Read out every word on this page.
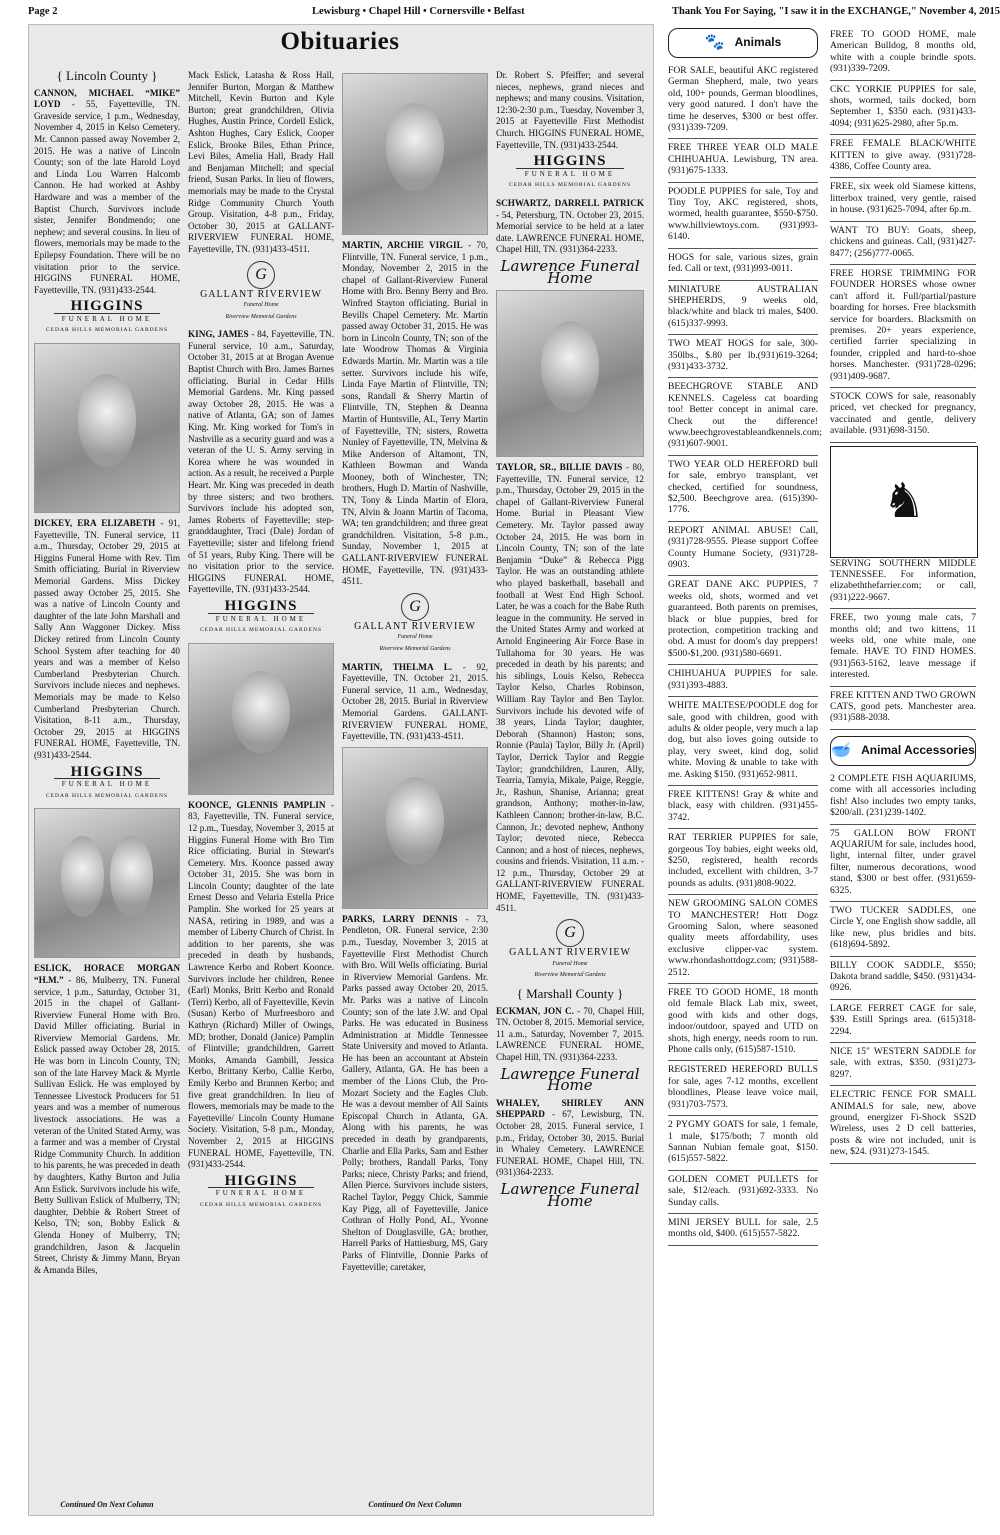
Page 2	Lewisburg • Chapel Hill • Cornersville • Belfast	Thank You For Saying, "I saw it in the EXCHANGE," November 4, 2015
Obituaries
{ Lincoln County }

CANNON, MICHAEL “MIKE” LOYD - 55, Fayetteville, TN. Graveside service, 1 p.m., Wednesday, November 4, 2015 in Kelso Cemetery. Mr. Cannon passed away November 2, 2015. He was a native of Lincoln County; son of the late Harold Loyd and Linda Lou Warren Halcomb Cannon. He had worked at Ashby Hardware and was a member of the Baptist Church. Survivors include sister, Jennifer Bondmendo; one nephew; and several cousins. In lieu of flowers, memorials may be made to the Epilepsy Foundation. There will be no visitation prior to the service. HIGGINS FUNERAL HOME, Fayetteville, TN. (931)433-2544.

HIGGINS
FUNERAL HOME
CEDAR HILLS MEMORIAL GARDENS

DICKEY, ERA ELIZABETH - 91, Fayetteville, TN. Funeral service, 11 a.m., Thursday, October 29, 2015 at Higgins Funeral Home with Rev. Tim Smith officiating. Burial in Riverview Memorial Gardens. Miss Dickey passed away October 25, 2015. She was a native of Lincoln County and daughter of the late John Marshall and Sally Ann Waggoner Dickey. Miss Dickey retired from Lincoln County School System after teaching for 40 years and was a member of Kelso Cumberland Presbyterian Church. Survivors include nieces and nephews. Memorials may be made to Kelso Cumberland Presbyterian Church. Visitation, 8-11 a.m., Thursday, October 29, 2015 at HIGGINS FUNERAL HOME, Fayetteville, TN. (931)433-2544.

HIGGINS
FUNERAL HOME
CEDAR HILLS MEMORIAL GARDENS

ESLICK, HORACE MORGAN “H.M.” - 86, Mulberry, TN. Funeral service, 1 p.m., Saturday, October 31, 2015 in the chapel of Gallant-Riverview Funeral Home with Bro. David Miller officiating. Burial in Riverview Memorial Gardens. Mr. Eslick passed away October 28, 2015. He was born in Lincoln County, TN; son of the late Harvey Mack & Myrtle Sullivan Eslick. He was employed by Tennessee Livestock Producers for 51 years and was a member of numerous livestock associations. He was a veteran of the United Stated Army, was a farmer and was a member of Crystal Ridge Community Church. In addition to his parents, he was preceded in death by daughters, Kathy Burton and Julia Ann Eslick. Survivors include his wife, Betty Sullivan Eslick of Mulberry, TN; daughter, Debbie & Robert Street of Kelso, TN; son, Bobby Eslick & Glenda Honey of Mulberry, TN; grandchildren, Jason & Jacquelin Street, Christy & Jimmy Mann, Bryan & Amanda Biles,

Continued On Next Column

Mack Eslick, Latasha & Ross Hall, Jennifer Burton, Morgan & Matthew Mitchell, Kevin Burton and Kyle Burton; great grandchildren, Olivia Hughes, Austin Prince, Cordell Eslick, Ashton Hughes, Cary Eslick, Cooper Eslick, Brooke Biles, Ethan Prince, Levi Biles, Amelia Hall, Brady Hall and Benjaman Mitchell; and special friend, Susan Parks. In lieu of flowers, memorials may be made to the Crystal Ridge Community Church Youth Group. Visitation, 4-8 p.m., Friday, October 30, 2015 at GALLANT-RIVERVIEW FUNERAL HOME, Fayetteville, TN. (931)433-4511.

G
GALLANT RIVERVIEW
Funeral Home
Riverview Memorial Gardens

KING, JAMES - 84, Fayetteville, TN. Funeral service, 10 a.m., Saturday, October 31, 2015 at at Brogan Avenue Baptist Church with Bro. James Barnes officiating. Burial in Cedar Hills Memorial Gardens. Mr. King passed away October 28, 2015. He was a native of Atlanta, GA; son of James King. Mr. King worked for Tom's in Nashville as a security guard and was a veteran of the U. S. Army serving in Korea where he was wounded in action. As a result, he received a Purple Heart. Mr. King was preceded in death by three sisters; and two brothers. Survivors include his adopted son, James Roberts of Fayetteville; step-granddaughter, Traci (Dale) Jordan of Fayetteville; sister and lifelong friend of 51 years, Ruby King. There will be no visitation prior to the service. HIGGINS FUNERAL HOME, Fayetteville, TN. (931)433-2544.

HIGGINS
FUNERAL HOME
CEDAR HILLS MEMORIAL GARDENS

KOONCE, GLENNIS PAMPLIN - 83, Fayetteville, TN. Funeral service, 12 p.m., Tuesday, November 3, 2015 at Higgins Funeral Home with Bro Tim Rice officiating. Burial in Stewart's Cemetery. Mrs. Koonce passed away October 31, 2015. She was born in Lincoln County; daughter of the late Ernest Desso and Velaria Estella Price Pamplin. She worked for 25 years at NASA, retiring in 1989, and was a member of Liberty Church of Christ. In addition to her parents, she was preceded in death by husbands, Lawrence Kerbo and Robert Koonce. Survivors include her children, Renee (Earl) Monks, Britt Kerbo and Ronald (Terri) Kerbo, all of Fayetteville, Kevin (Susan) Kerbo of Murfreesboro and Kathryn (Richard) Miller of Owings, MD; brother, Donald (Janice) Pamplin of Flintville; grandchildren, Garrett Monks, Amanda Gambill, Jessica Kerbo, Brittany Kerbo, Callie Kerbo, Emily Kerbo and Brannen Kerbo; and five great grandchildren. In lieu of flowers, memorials may be made to the Fayetteville/ Lincoln County Humane Society. Visitation, 5-8 p.m., Monday, November 2, 2015 at HIGGINS FUNERAL HOME, Fayetteville, TN. (931)433-2544.

HIGGINS
FUNERAL HOME
CEDAR HILLS MEMORIAL GARDENS

MARTIN, ARCHIE VIRGIL - 70, Flintville, TN. Funeral service, 1 p.m., Monday, November 2, 2015 in the chapel of Gallant-Riverview Funeral Home with Bro. Benny Berry and Bro. Winfred Stayton officiating. Burial in Bevills Chapel Cemetery. Mr. Martin passed away October 31, 2015. He was born in Lincoln County, TN; son of the late Woodrow Thomas & Virginia Edwards Martin. Mr. Martin was a tile setter. Survivors include his wife, Linda Faye Martin of Flintville, TN; sons, Randall & Sherry Martin of Flintville, TN, Stephen & Deanna Martin of Huntsville, AL, Terry Martin of Fayetteville, TN; sisters, Rowetta Nunley of Fayetteville, TN, Melvina & Mike Anderson of Altamont, TN, Kathleen Bowman and Wanda Mooney, both of Winchester, TN; brothers, Hugh D. Martin of Nashville, TN, Tony & Linda Martin of Elora, TN, Alvin & Joann Martin of Tacoma, WA; ten grandchildren; and three great grandchildren. Visitation, 5-8 p.m., Sunday, November 1, 2015 at GALLANT-RIVERVIEW FUNERAL HOME, Fayetteville, TN. (931)433-4511.

G
GALLANT RIVERVIEW
Funeral Home
Riverview Memorial Gardens

MARTIN, THELMA L. - 92, Fayetteville, TN. October 21, 2015. Funeral service, 11 a.m., Wednesday, October 28, 2015. Burial in Riverview Memorial Gardens. GALLANT-RIVERVIEW FUNERAL HOME, Fayetteville, TN. (931)433-4511.

PARKS, LARRY DENNIS - 73, Pendleton, OR. Funeral service, 2:30 p.m., Tuesday, November 3, 2015 at Fayetteville First Methodist Church with Bro. Will Wells officiating. Burial in Riverview Memorial Gardens. Mr. Parks passed away October 20, 2015. Mr. Parks was a native of Lincoln County; son of the late J.W. and Opal Parks. He was educated in Business Administration at Middle Tennessee State University and moved to Atlanta. He has been an accountant at Abstein Gallery, Atlanta, GA. He has been a member of the Lions Club, the Pro-Mozart Society and the Eagles Club. He was a devout member of All Saints Episcopal Church in Atlanta, GA. Along with his parents, he was preceded in death by grandparents, Charlie and Ella Parks, Sam and Esther Polly; brothers, Randall Parks, Tony Parks; niece, Christy Parks; and friend, Allen Pierce. Survivors include sisters, Rachel Taylor, Peggy Chick, Sammie Kay Pigg, all of Fayetteville, Janice Cothran of Holly Pond, AL, Yvonne Shelton of Douglasville, GA; brother, Harrell Parks of Hattiesburg, MS, Gary Parks of Flintville, Donnie Parks of Fayetteville; caretaker,

Continued On Next Column

Dr. Robert S. Pfeiffer; and several nieces, nephews, grand nieces and nephews; and many cousins. Visitation, 12:30-2:30 p.m., Tuesday, November 3, 2015 at Fayetteville First Methodist Church. HIGGINS FUNERAL HOME, Fayetteville, TN. (931)433-2544.

HIGGINS
FUNERAL HOME
CEDAR HILLS MEMORIAL GARDENS

SCHWARTZ, DARRELL PATRICK - 54, Petersburg, TN. October 23, 2015. Memorial service to be held at a later date. LAWRENCE FUNERAL HOME, Chapel Hill, TN. (931)364-2233.

Lawrence Funeral Home

TAYLOR, SR., BILLIE DAVIS - 80, Fayetteville, TN. Funeral service, 12 p.m., Thursday, October 29, 2015 in the chapel of Gallant-Riverview Funeral Home. Burial in Pleasant View Cemetery. Mr. Taylor passed away October 24, 2015. He was born in Lincoln County, TN; son of the late Benjamin “Duke” & Rebecca Pigg Taylor. He was an outstanding athlete who played basketball, baseball and football at West End High School. Later, he was a coach for the Babe Ruth league in the community. He served in the United States Army and worked at Arnold Engineering Air Force Base in Tullahoma for 30 years. He was preceded in death by his parents; and his siblings, Louis Kelso, Rebecca Taylor Kelso, Charles Robinson, William Ray Taylor and Ben Taylor. Survivors include his devoted wife of 38 years, Linda Taylor; daughter, Deborah (Shannon) Haston; sons, Ronnie (Paula) Taylor, Billy Jr. (April) Taylor, Derrick Taylor and Reggie Taylor; grandchildren, Lauren, Ally, Tearria, Tamyia, Mikale, Paige, Reggie, Jr., Rashun, Shanise, Arianna; great grandson, Anthony; mother-in-law, Kathleen Cannon; brother-in-law, B.C. Cannon, Jr.; devoted nephew, Anthony Taylor; devoted niece, Rebecca Cannon; and a host of nieces, nephews, cousins and friends. Visitation, 11 a.m. - 12 p.m., Thursday, October 29 at GALLANT-RIVERVIEW FUNERAL HOME, Fayetteville, TN. (931)433-4511.

G
GALLANT RIVERVIEW
Funeral Home
Riverview Memorial Gardens
{ Marshall County }

ECKMAN, JON C. - 70, Chapel Hill, TN. October 8, 2015. Memorial service, 11 a.m., Saturday, November 7, 2015. LAWRENCE FUNERAL HOME, Chapel Hill, TN. (931)364-2233.

Lawrence Funeral Home

WHALEY, SHIRLEY ANN SHEPPARD - 67, Lewisburg, TN. October 28, 2015. Funeral service, 1 p.m., Friday, October 30, 2015. Burial in Whaley Cemetery. LAWRENCE FUNERAL HOME, Chapel Hill, TN. (931)364-2233.

Lawrence Funeral Home
🐾 Animals
FOR SALE, beautiful AKC registered German Shepherd, male, two years old, 100+ pounds, German bloodlines, very good natured. I don't have the time he deserves, $300 or best offer. (931)339-7209.
FREE THREE YEAR OLD MALE CHIHUAHUA. Lewisburg, TN area. (931)675-1333.
POODLE PUPPIES for sale, Toy and Tiny Toy, AKC registered, shots, wormed, health guarantee, $550-$750. www.hillviewtoys.com. (931)993-6140.
HOGS for sale, various sizes, grain fed. Call or text, (931)993-0011.
MINIATURE AUSTRALIAN SHEPHERDS, 9 weeks old, black/white and black tri males, $400. (615)337-9993.
TWO MEAT HOGS for sale, 300-350lbs., $.80 per lb.(931)619-3264; (931)433-3732.
BEECHGROVE STABLE AND KENNELS. Cageless cat boarding too! Better concept in animal care. Check out the difference! www.beechgrovestableandkennels.com; (931)607-9001.
TWO YEAR OLD HEREFORD bull for sale, embryo transplant, vet checked, certified for soundness, $2,500. Beechgrove area. (615)390-1776.
REPORT ANIMAL ABUSE! Call, (931)728-9555. Please support Coffee County Humane Society, (931)728-0903.
GREAT DANE AKC PUPPIES, 7 weeks old, shots, wormed and vet guaranteed. Both parents on premises, black or blue puppies, bred for protection, competition tracking and obd. A must for doom's day preppers! $500-$1,200. (931)580-6691.
CHIHUAHUA PUPPIES for sale. (931)393-4883.
WHITE MALTESE/POODLE dog for sale, good with children, good with adults & older people, very much a lap dog, but also loves going outside to play, very sweet, kind dog, solid white. Moving & unable to take with me. Asking $150. (931)652-9811.
FREE KITTENS! Gray & white and black, easy with children. (931)455-3742.
RAT TERRIER PUPPIES for sale, gorgeous Toy babies, eight weeks old, $250, registered, health records included, excellent with children, 3-7 pounds as adults. (931)808-9022.
NEW GROOMING SALON COMES TO MANCHESTER! Hott Dogz Grooming Salon, where seasoned quality meets affordability, uses exclusive clipper-vac system. www.rhondashottdogz.com; (931)588-2512.
FREE TO GOOD HOME, 18 month old female Black Lab mix, sweet, good with kids and other dogs, indoor/outdoor, spayed and UTD on shots, high energy, needs room to run. Phone calls only, (615)587-1510.
REGISTERED HEREFORD BULLS for sale, ages 7-12 months, excellent bloodlines, Please leave voice mail, (931)703-7573.
2 PYGMY GOATS for sale, 1 female, 1 male, $175/both; 7 month old Sannan Nubian female goat, $150. (615)557-5822.
GOLDEN COMET PULLETS for sale, $12/each. (931)692-3333. No Sunday calls.
MINI JERSEY BULL for sale, 2.5 months old, $400. (615)557-5822.
FREE TO GOOD HOME, male American Bulldog, 8 months old, white with a couple brindle spots. (931)339-7209.
CKC YORKIE PUPPIES for sale, shots, wormed, tails docked, born September 1, $350 each. (931)433-4094; (931)625-2980, after 5p.m.
FREE FEMALE BLACK/WHITE KITTEN to give away. (931)728-4386, Coffee County area.
FREE, six week old Siamese kittens, litterbox trained, very gentle, raised in house. (931)625-7094, after 6p.m.
WANT TO BUY: Goats, sheep, chickens and guineas. Call, (931)427-8477; (256)777-0065.
FREE HORSE TRIMMING FOR FOUNDER HORSES whose owner can't afford it. Full/partial/pasture boarding for horses. Free blacksmith service for boarders. Blacksmith on premises. 20+ years experience, certified farrier specializing in founder, crippled and hard-to-shoe horses. Manchester. (931)728-0296; (931)409-9687.
STOCK COWS for sale, reasonably priced, vet checked for pregnancy, vaccinated and gentle, delivery available. (931)698-3150.
♞
SERVING SOUTHERN MIDDLE TENNESSEE. For information, elizabeththefarrier.com; or call, (931)222-9667.
FREE, two young male cats, 7 months old; and two kittens, 11 weeks old, one white male, one female. HAVE TO FIND HOMES. (931)563-5162, leave message if interested.
FREE KITTEN AND TWO GROWN CATS, good pets. Manchester area. (931)588-2038.
🥣 Animal Accessories
2 COMPLETE FISH AQUARIUMS, come with all accessories including fish! Also includes two empty tanks, $200/all. (231)239-1402.
75 GALLON BOW FRONT AQUARIUM for sale, includes hood, light, internal filter, under gravel filter, numerous decorations, wood stand, $300 or best offer. (931)659-6325.
TWO TUCKER SADDLES, one Circle Y, one English show saddle, all like new, plus bridles and bits. (618)694-5892.
BILLY COOK SADDLE, $550; Dakota brand saddle, $450. (931)434-0926.
LARGE FERRET CAGE for sale, $39. Estill Springs area. (615)318-2294.
NICE 15" WESTERN SADDLE for sale, with extras, $350. (931)273-8297.
ELECTRIC FENCE FOR SMALL ANIMALS for sale, new, above ground, energizer Fi-Shock SS2D Wireless, uses 2 D cell batteries, posts & wire not included, unit is new, $24. (931)273-1545.
